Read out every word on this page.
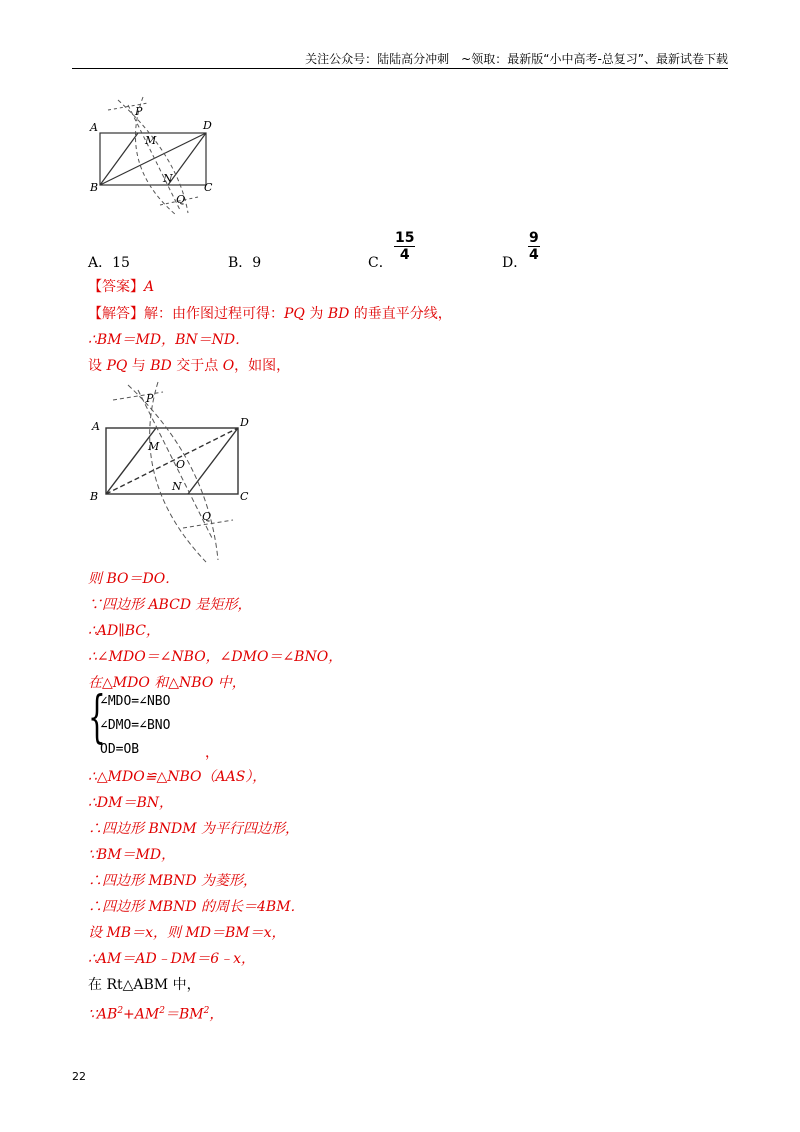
关注公众号：陆陆高分冲刺　~领取：最新版“小中高考-总复习”、最新试卷下载
A
B	C
D
M
N
P
Q
A．15	B．9	C． $\frac{15}{4}$	D． $\frac{9}{4}$
【答案】A
【解答】解：由作图过程可得：PQ 为 BD 的垂直平分线，
∴BM＝MD，BN＝ND．
设 PQ 与 BD 交于点 O，如图，
A
B	C
D
M
N
O
P
Q
则 BO＝DO．
∵四边形 ABCD 是矩形，
∴AD∥BC，
∴∠MDO＝∠NBO，∠DMO＝∠BNO，
在△MDO 和△NBO 中，
{
∠MDO=∠NBO
∠DMO=∠BNO
OD=OB	，
∴△MDO≌△NBO（AAS），
∴DM＝BN，
∴四边形 BNDM 为平行四边形，
∵BM＝MD，
∴四边形 MBND 为菱形，
∴四边形 MBND 的周长＝4BM．
设 MB＝x，则 MD＝BM＝x，
∴AM＝AD﹣DM＝6﹣x，
在 Rt△ABM 中，
$\because AB^2+AM^2=BM^2$，
22
